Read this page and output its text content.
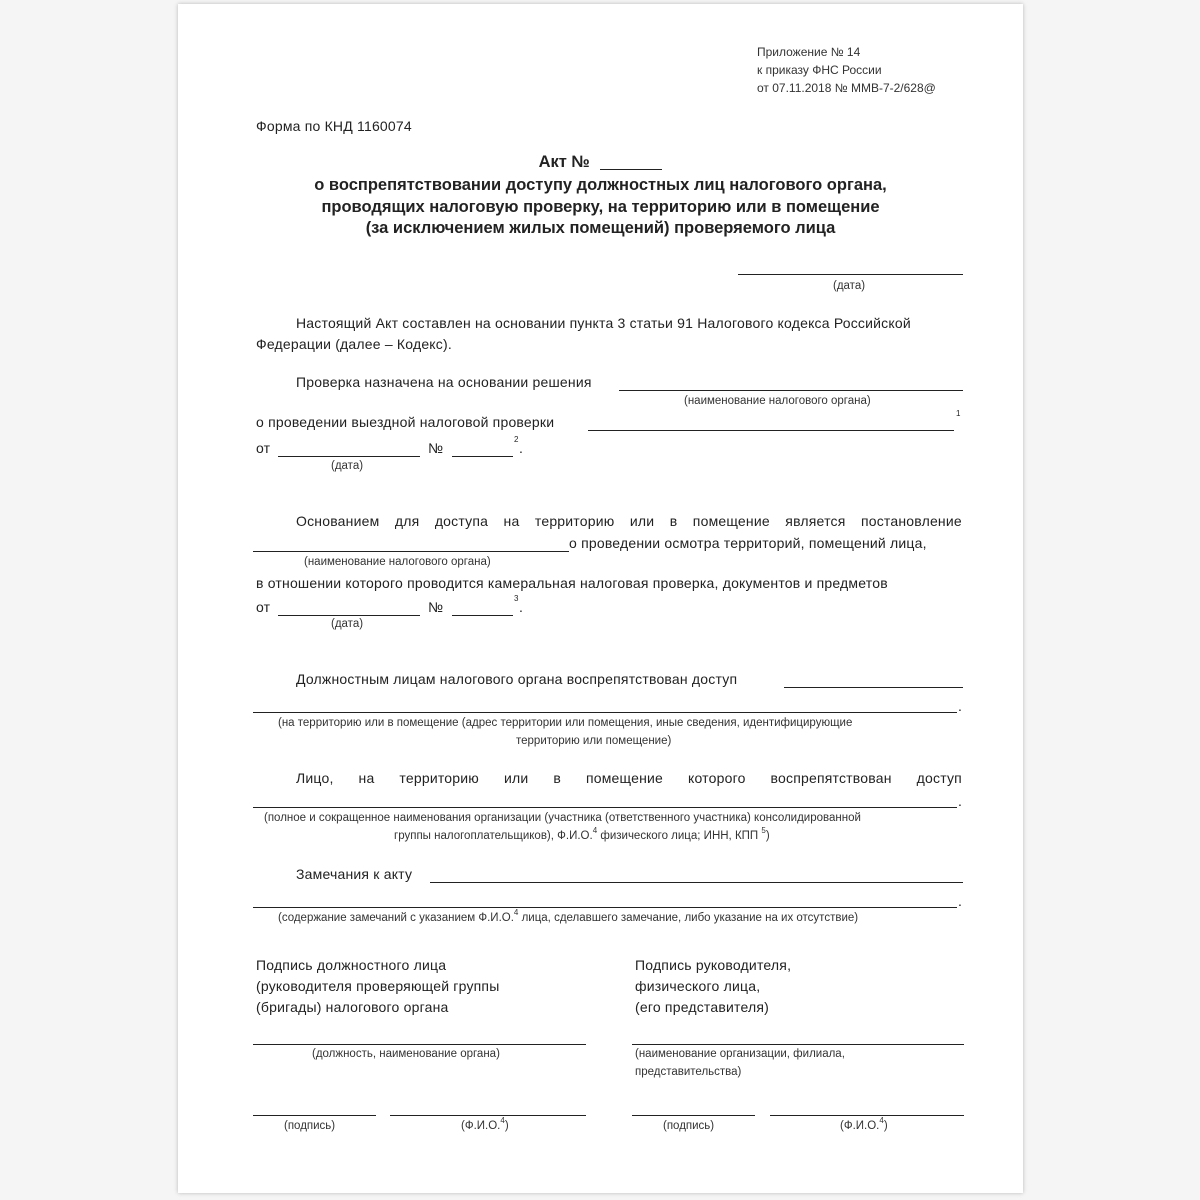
Приложение № 14
к приказу ФНС России
от 07.11.2018 № ММВ-7-2/628@
Форма по КНД 1160074
Акт №
о воспрепятствовании доступу должностных лиц налогового органа,
проводящих налоговую проверку, на территорию или в помещение
(за исключением жилых помещений) проверяемого лица
(дата)
Настоящий Акт составлен на основании пункта 3 статьи 91 Налогового кодекса Российской
Федерации (далее – Кодекс).
Проверка назначена на основании решения
(наименование налогового органа)
о проведении выездной налоговой проверки
1
от	№
2
.
(дата)
Основанием для доступа на территорию или в помещение является постановление
о проведении осмотра территорий, помещений лица,
(наименование налогового органа)
в отношении которого проводится камеральная налоговая проверка, документов и предметов
от	№
3
.
(дата)
Должностным лицам налогового органа воспрепятствован доступ
.
(на территорию или в помещение (адрес территории или помещения, иные сведения, идентифицирующие
территорию или помещение)
Лицо, на территорию или в помещение которого воспрепятствован доступ
.
(полное и сокращенное наименования организации (участника (ответственного участника) консолидированной
группы налогоплательщиков), Ф.И.О.$^4$ физического лица; ИНН, КПП $^5$)
Замечания к акту
.
(содержание замечаний с указанием Ф.И.О.$^4$ лица, сделавшего замечание, либо указание на их отсутствие)
Подпись должностного лица
(руководителя проверяющей группы
(бригады) налогового органа
(должность, наименование органа)
(подпись)	(Ф.И.О.$^4$)
Подпись руководителя,
физического лица,
(его представителя)
(наименование организации, филиала,
представительства)
(подпись)	(Ф.И.О.$^4$)
